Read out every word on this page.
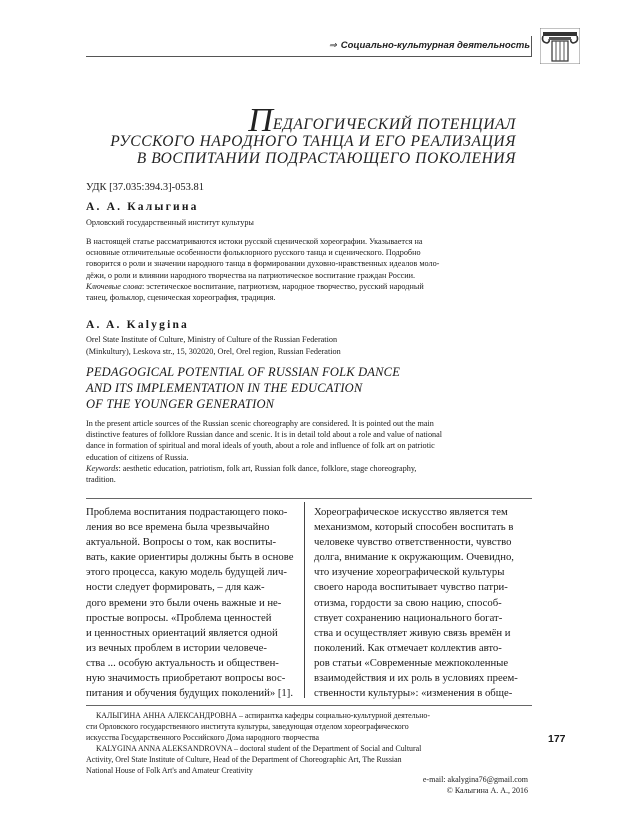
⇒ Социально-культурная деятельность
ПЕДАГОГИЧЕСКИЙ ПОТЕНЦИАЛ
РУССКОГО НАРОДНОГО ТАНЦА И ЕГО РЕАЛИЗАЦИЯ
В ВОСПИТАНИИ ПОДРАСТАЮЩЕГО ПОКОЛЕНИЯ
УДК [37.035:394.3]-053.81
А. А. Калыгина
Орловский государственный институт культуры
В настоящей статье рассматриваются истоки русской сценической хореографии. Указывается на
основные отличительные особенности фольклорного русского танца и сценического. Подробно
говорится о роли и значении народного танца в формировании духовно-нравственных идеалов моло-
дёжи, о роли и влиянии народного творчества на патриотическое воспитание граждан России.
Ключевые слова: эстетическое воспитание, патриотизм, народное творчество, русский народный
танец, фольклор, сценическая хореография, традиция.
A. A. Kalygina
Orel State Institute of Culture, Ministry of Culture of the Russian Federation
(Minkultury), Leskova str., 15, 302020, Orel, Orel region, Russian Federation
PEDAGOGICAL POTENTIAL OF RUSSIAN FOLK DANCE
AND ITS IMPLEMENTATION IN THE EDUCATION
OF THE YOUNGER GENERATION
In the present article sources of the Russian scenic choreography are considered. It is pointed out the main
distinctive features of folklore Russian dance and scenic. It is in detail told about a role and value of national
dance in formation of spiritual and moral ideals of youth, about a role and influence of folk art on patriotic
education of citizens of Russia.
Keywords: aesthetic education, patriotism, folk art, Russian folk dance, folklore, stage choreography,
tradition.
Проблема воспитания подрастающего поко-
ления во все времена была чрезвычайно
актуальной. Вопросы о том, как воспиты-
вать, какие ориентиры должны быть в основе
этого процесса, какую модель будущей лич-
ности следует формировать, – для каж-
дого времени это были очень важные и не-
простые вопросы. «Проблема ценностей
и ценностных ориентаций является одной
из вечных проблем в истории человече-
ства ... особую актуальность и обществен-
ную значимость приобретают вопросы вос-
питания и обучения будущих поколений» [1].
Хореографическое искусство является тем
механизмом, который способен воспитать в
человеке чувство ответственности, чувство
долга, внимание к окружающим. Очевидно,
что изучение хореографической культуры
своего народа воспитывает чувство патри-
отизма, гордости за свою нацию, способ-
ствует сохранению национального богат-
ства и осуществляет живую связь времён и
поколений. Как отмечает коллектив авто-
ров статьи «Современные межпоколенные
взаимодействия и их роль в условиях преем-
ственности культуры»: «изменения в обще-
КАЛЫГИНА АННА АЛЕКСАНДРОВНА – аспирантка кафедры социально-культурной деятельно-
сти Орловского государственного института культуры, заведующая отделом хореографического
искусства Государственного Российского Дома народного творчества
KALYGINA ANNA ALEKSANDROVNA – doctoral student of the Department of Social and Cultural
Activity, Orel State Institute of Culture, Head of the Department of Choreographic Art, The Russian
National House of Folk Art's and Amateur Creativity
177
e-mail: akalygina76@gmail.com
© Калыгина А. А., 2016
